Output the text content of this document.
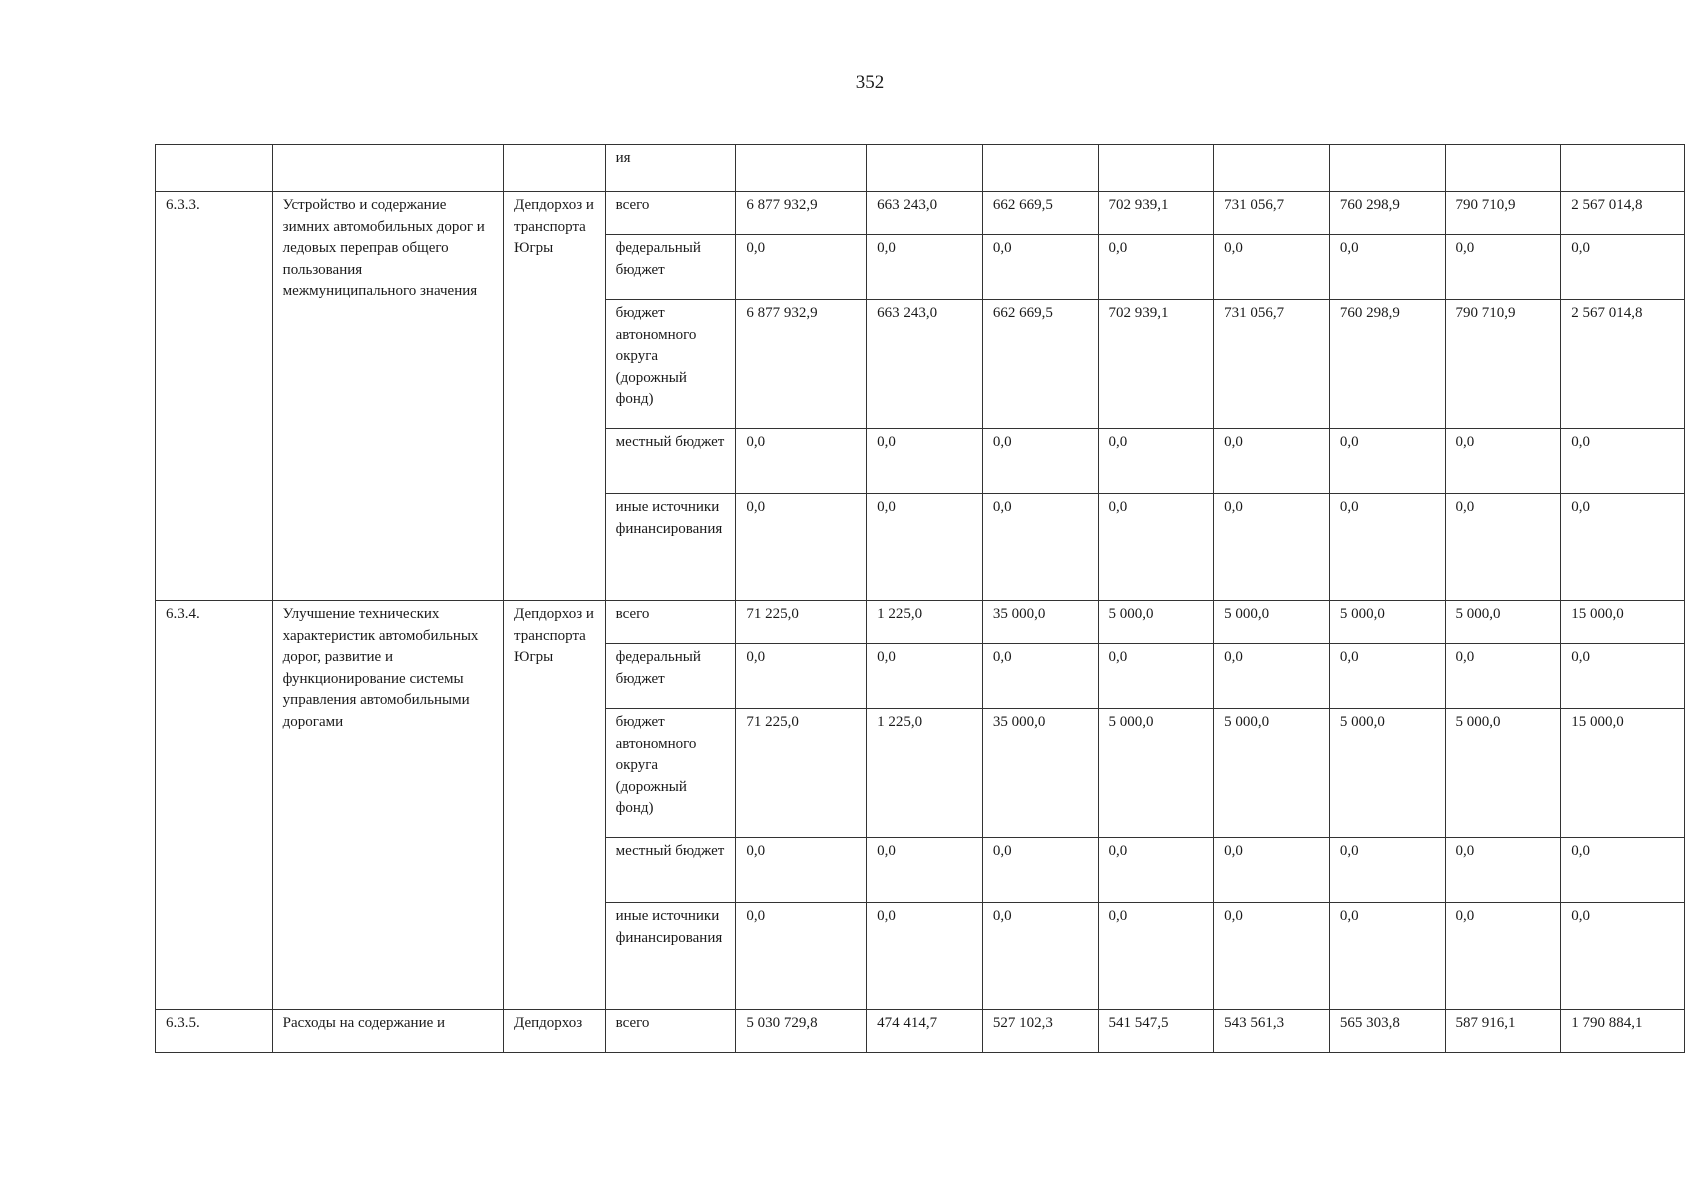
352
			ия								
6.3.3.	Устройство и содержание зимних автомобильных дорог и ледовых переправ общего пользования межмуниципального значения	Депдорхоз и транспорта Югры	всего	6 877 932,9	663 243,0	662 669,5	702 939,1	731 056,7	760 298,9	790 710,9	2 567 014,8
			федеральный бюджет	0,0	0,0	0,0	0,0	0,0	0,0	0,0	0,0
			бюджет автономного округа (дорожный фонд)	6 877 932,9	663 243,0	662 669,5	702 939,1	731 056,7	760 298,9	790 710,9	2 567 014,8
			местный бюджет	0,0	0,0	0,0	0,0	0,0	0,0	0,0	0,0
			иные источники финансирования	0,0	0,0	0,0	0,0	0,0	0,0	0,0	0,0
6.3.4.	Улучшение технических характеристик автомобильных дорог, развитие и функционирование системы управления автомобильными дорогами	Депдорхоз и транспорта Югры	всего	71 225,0	1 225,0	35 000,0	5 000,0	5 000,0	5 000,0	5 000,0	15 000,0
			федеральный бюджет	0,0	0,0	0,0	0,0	0,0	0,0	0,0	0,0
			бюджет автономного округа (дорожный фонд)	71 225,0	1 225,0	35 000,0	5 000,0	5 000,0	5 000,0	5 000,0	15 000,0
			местный бюджет	0,0	0,0	0,0	0,0	0,0	0,0	0,0	0,0
			иные источники финансирования	0,0	0,0	0,0	0,0	0,0	0,0	0,0	0,0
6.3.5.	Расходы на содержание и	Депдорхоз	всего	5 030 729,8	474 414,7	527 102,3	541 547,5	543 561,3	565 303,8	587 916,1	1 790 884,1
